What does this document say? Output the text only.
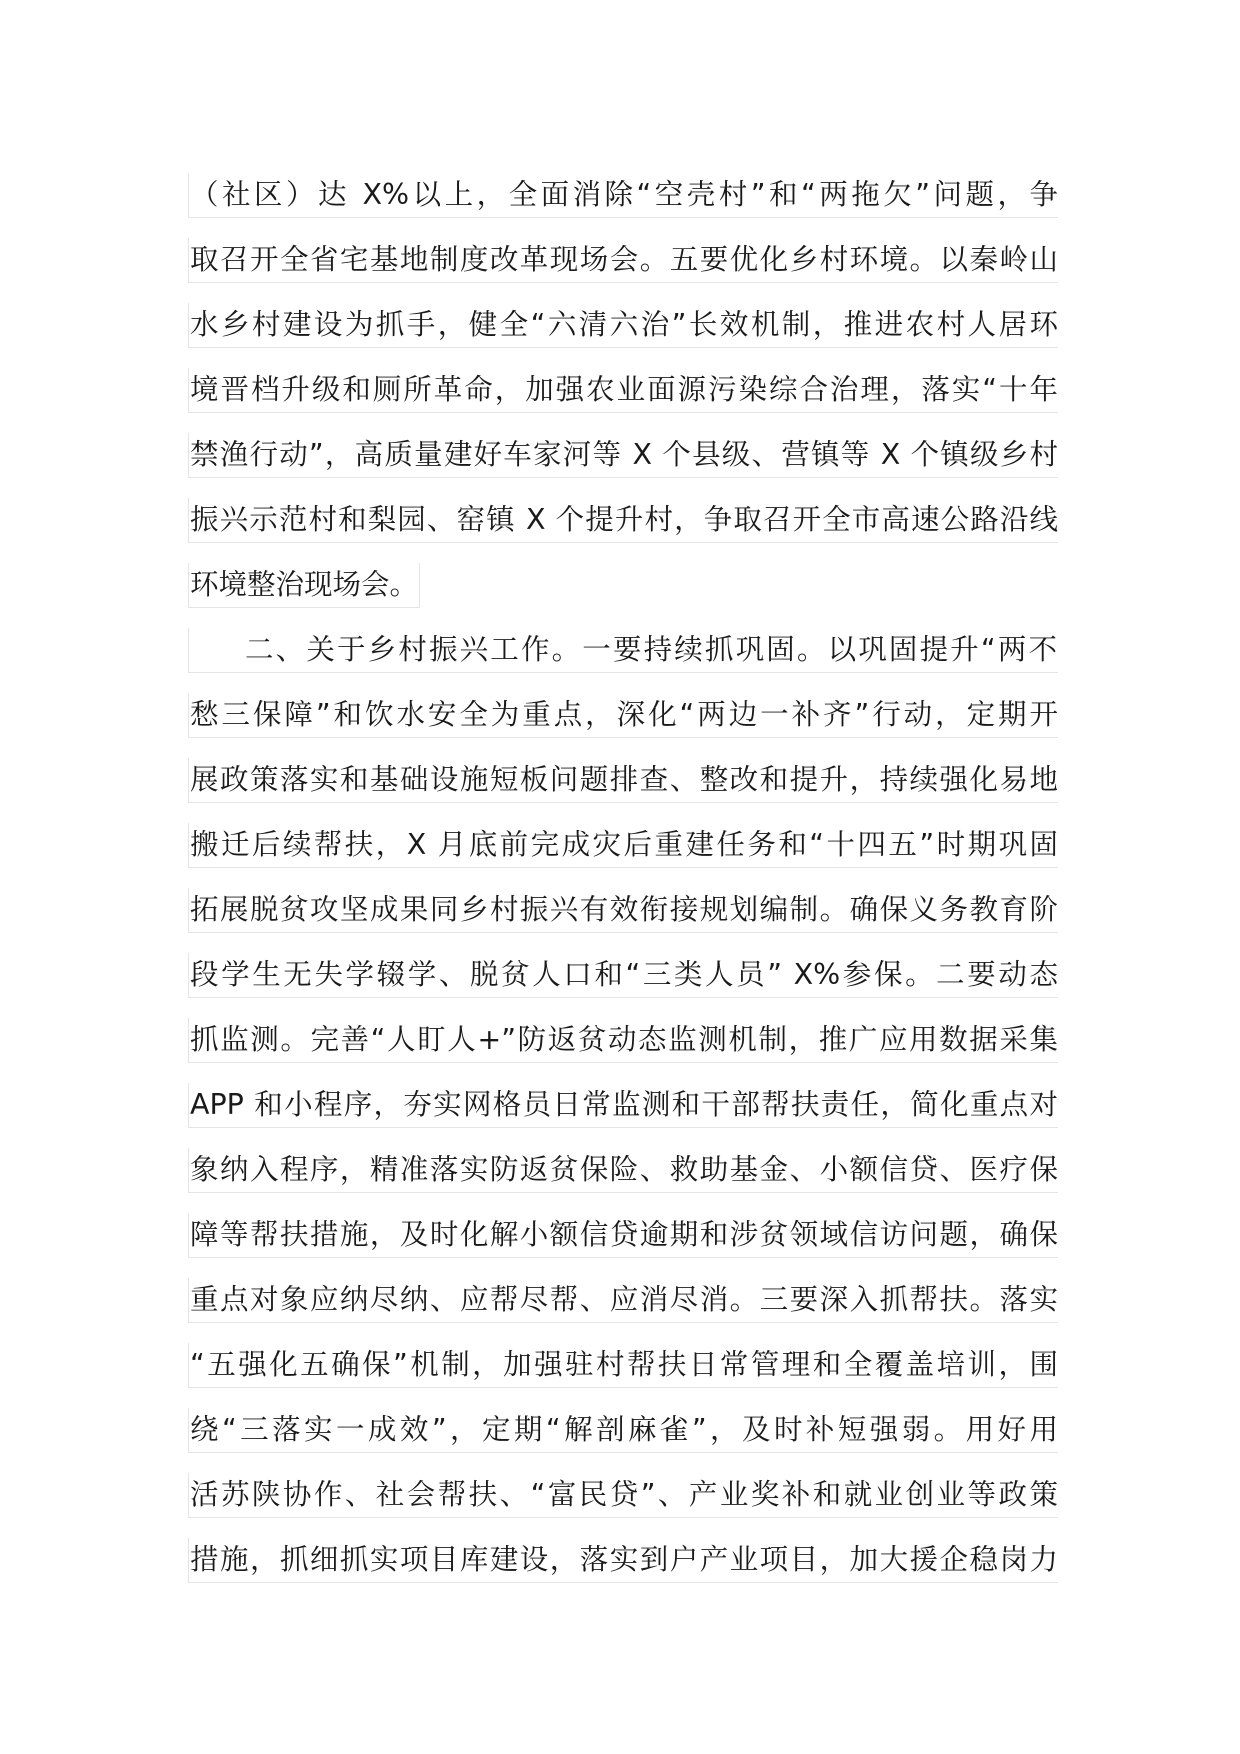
（社区）达 X%以上，全面消除“空壳村”和“两拖欠”问题，争
取召开全省宅基地制度改革现场会。五要优化乡村环境。以秦岭山
水乡村建设为抓手，健全“六清六治”长效机制，推进农村人居环
境晋档升级和厕所革命，加强农业面源污染综合治理，落实“十年
禁渔行动”，高质量建好车家河等 X 个县级、营镇等 X 个镇级乡村
振兴示范村和梨园、窑镇 X 个提升村，争取召开全市高速公路沿线
环境整治现场会。
二、关于乡村振兴工作。一要持续抓巩固。以巩固提升“两不
愁三保障”和饮水安全为重点，深化“两边一补齐”行动，定期开
展政策落实和基础设施短板问题排查、整改和提升，持续强化易地
搬迁后续帮扶，X 月底前完成灾后重建任务和“十四五”时期巩固
拓展脱贫攻坚成果同乡村振兴有效衔接规划编制。确保义务教育阶
段学生无失学辍学、脱贫人口和“三类人员” X%参保。二要动态
抓监测。完善“人盯人+”防返贫动态监测机制，推广应用数据采集
APP 和小程序，夯实网格员日常监测和干部帮扶责任，简化重点对
象纳入程序，精准落实防返贫保险、救助基金、小额信贷、医疗保
障等帮扶措施，及时化解小额信贷逾期和涉贫领域信访问题，确保
重点对象应纳尽纳、应帮尽帮、应消尽消。三要深入抓帮扶。落实
“五强化五确保”机制，加强驻村帮扶日常管理和全覆盖培训，围
绕“三落实一成效”，定期“解剖麻雀”，及时补短强弱。用好用
活苏陕协作、社会帮扶、“富民贷”、产业奖补和就业创业等政策
措施，抓细抓实项目库建设，落实到户产业项目，加大援企稳岗力
